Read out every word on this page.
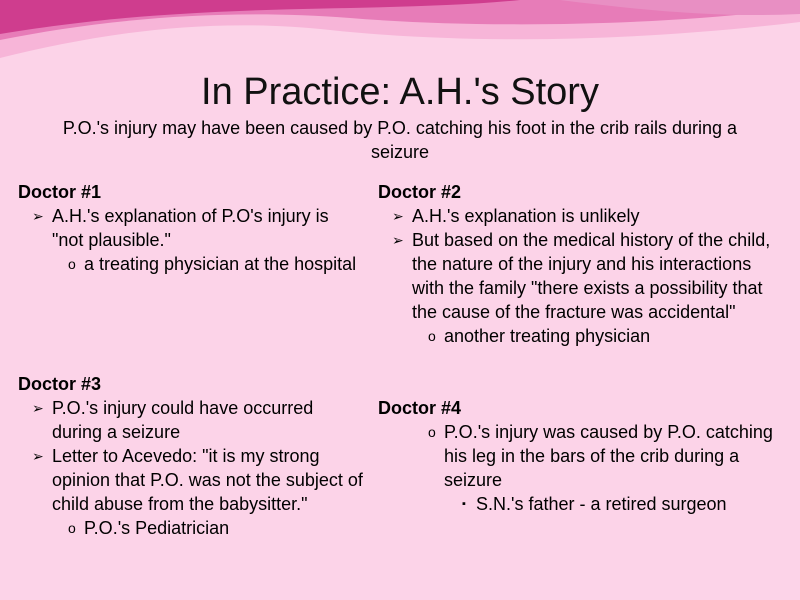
In Practice: A.H.'s Story
P.O.'s injury may have been caused by P.O. catching his foot in the crib rails during a seizure
Doctor #1
➢ A.H.'s explanation of P.O's injury is "not plausible."
o a treating physician at the hospital
Doctor #2
➢ A.H.'s explanation is unlikely
➢ But based on the medical history of the child, the nature of the injury and his interactions with the family "there exists a possibility that the cause of the fracture was accidental"
o another treating physician
Doctor #3
➢ P.O.'s injury could have occurred during a seizure
➢ Letter to Acevedo: "it is my strong opinion that P.O. was not the subject of child abuse from the babysitter."
o P.O.'s Pediatrician
Doctor #4
o P.O.'s injury was caused by P.O. catching his leg in the bars of the crib during a seizure
▪ S.N.'s father - a retired surgeon
